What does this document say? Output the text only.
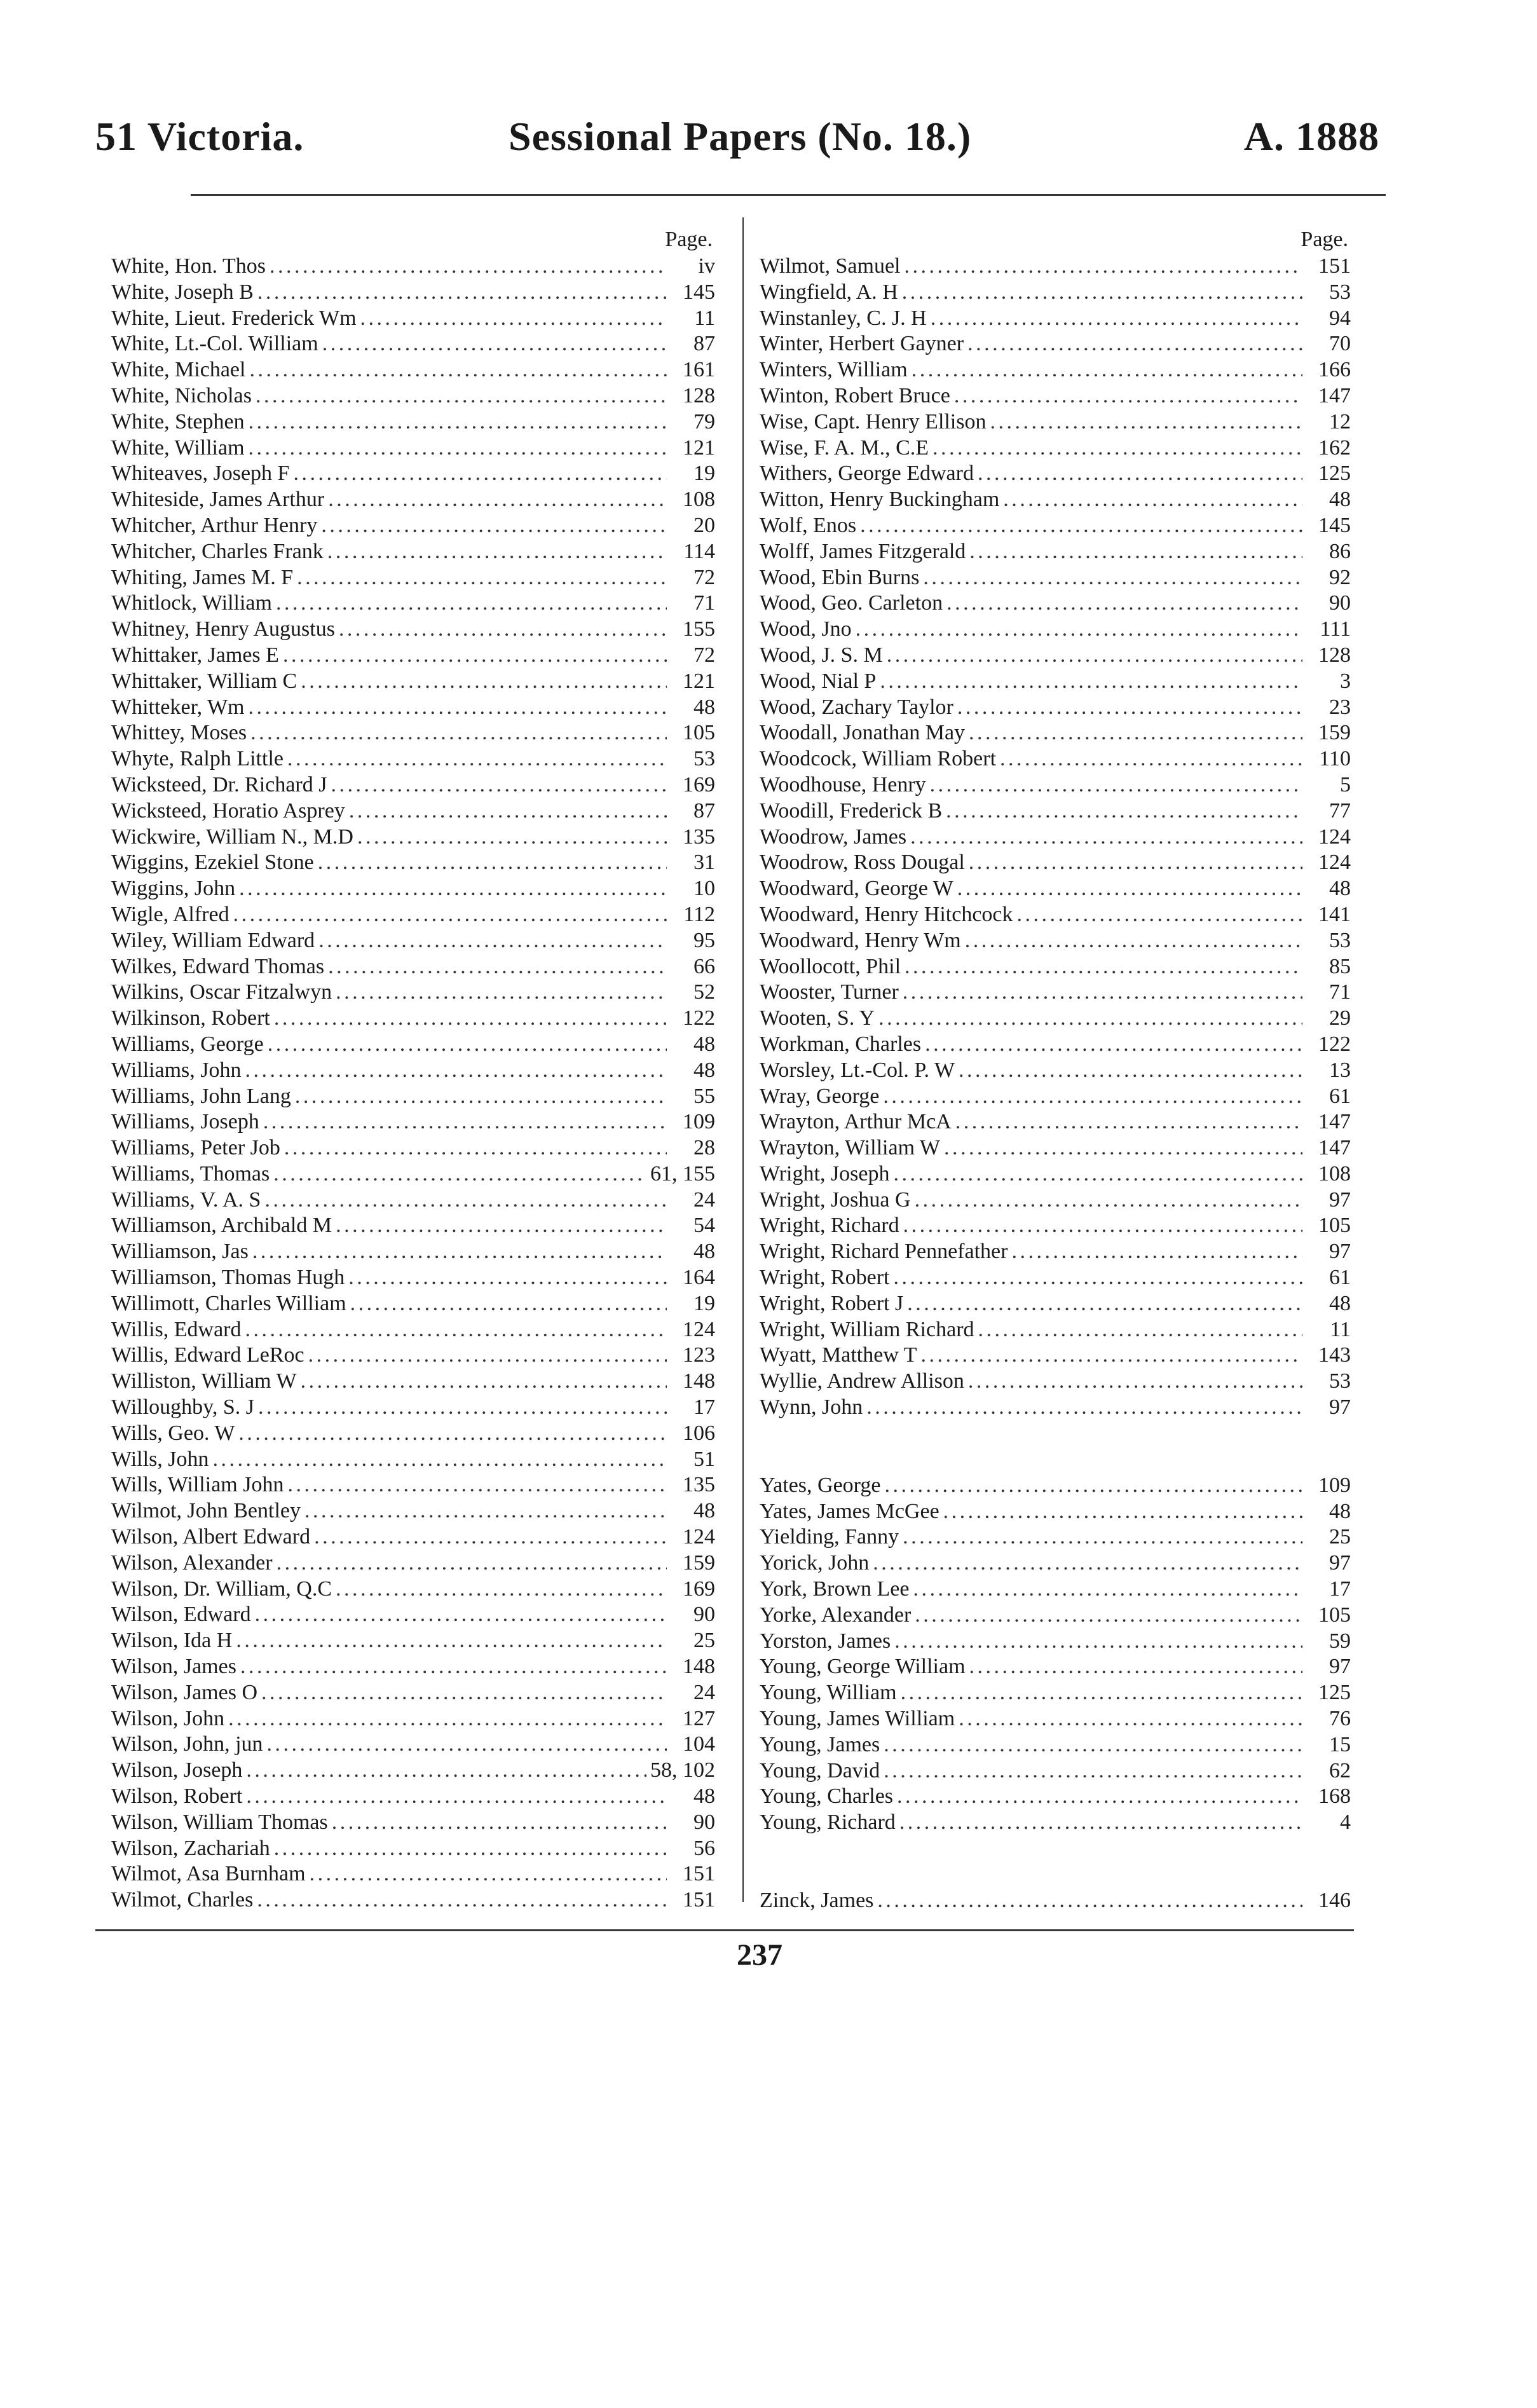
51 Victoria.	Sessional Papers (No. 18.)	A. 1888
Page.
White, Hon. Thos . . .	iv
White, Joseph B . . .	145
White, Lieut. Frederick Wm . . .	11
White, Lt.-Col. William . . .	87
White, Michael . . .	161
White, Nicholas . . .	128
White, Stephen . . .	79
White, William . . .	121
Whiteaves, Joseph F . . .	19
Whiteside, James Arthur . . .	108
Whitcher, Arthur Henry . . .	20
Whitcher, Charles Frank . . .	114
Whiting, James M. F . . .	72
Whitlock, William . . .	71
Whitney, Henry Augustus . . .	155
Whittaker, James E . . .	72
Whittaker, William C . . .	121
Whitteker, Wm . . .	48
Whittey, Moses . . .	105
Whyte, Ralph Little . . .	53
Wicksteed, Dr. Richard J . . .	169
Wicksteed, Horatio Asprey . . .	87
Wickwire, William N., M.D . . .	135
Wiggins, Ezekiel Stone . . .	31
Wiggins, John . . .	10
Wigle, Alfred . . .	112
Wiley, William Edward . . .	95
Wilkes, Edward Thomas . . .	66
Wilkins, Oscar Fitzalwyn . . .	52
Wilkinson, Robert . . .	122
Williams, George . . .	48
Williams, John . . .	48
Williams, John Lang . . .	55
Williams, Joseph . . .	109
Williams, Peter Job . . .	28
Williams, Thomas . . .	61, 155
Williams, V. A. S . . .	24
Williamson, Archibald M . . .	54
Williamson, Jas . . .	48
Williamson, Thomas Hugh . . .	164
Willimott, Charles William . . .	19
Willis, Edward . . .	124
Willis, Edward LeRoc . . .	123
Williston, William W . . .	148
Willoughby, S. J . . .	17
Wills, Geo. W . . .	106
Wills, John . . .	51
Wills, William John . . .	135
Wilmot, John Bentley . . .	48
Wilson, Albert Edward . . .	124
Wilson, Alexander . . .	159
Wilson, Dr. William, Q.C . . .	169
Wilson, Edward . . .	90
Wilson, Ida H . . .	25
Wilson, James . . .	148
Wilson, James O . . .	24
Wilson, John . . .	127
Wilson, John, jun . . .	104
Wilson, Joseph . . .	58, 102
Wilson, Robert . . .	48
Wilson, William Thomas . . .	90
Wilson, Zachariah . . .	56
Wilmot, Asa Burnham . . .	151
Wilmot, Charles . . .	151
Page.
Wilmot, Samuel . . .	151
Wingfield, A. H . . .	53
Winstanley, C. J. H . . .	94
Winter, Herbert Gayner . . .	70
Winters, William . . .	166
Winton, Robert Bruce . . .	147
Wise, Capt. Henry Ellison . . .	12
Wise, F. A. M., C.E . . .	162
Withers, George Edward . . .	125
Witton, Henry Buckingham . . .	48
Wolf, Enos . . .	145
Wolff, James Fitzgerald . . .	86
Wood, Ebin Burns . . .	92
Wood, Geo. Carleton . . .	90
Wood, Jno . . .	111
Wood, J. S. M . . .	128
Wood, Nial P . . .	3
Wood, Zachary Taylor . . .	23
Woodall, Jonathan May . . .	159
Woodcock, William Robert . . .	110
Woodhouse, Henry . . .	5
Woodill, Frederick B . . .	77
Woodrow, James . . .	124
Woodrow, Ross Dougal . . .	124
Woodward, George W . . .	48
Woodward, Henry Hitchcock . . .	141
Woodward, Henry Wm . . .	53
Woollocott, Phil . . .	85
Wooster, Turner . . .	71
Wooten, S. Y . . .	29
Workman, Charles . . .	122
Worsley, Lt.-Col. P. W . . .	13
Wray, George . . .	61
Wrayton, Arthur McA . . .	147
Wrayton, William W . . .	147
Wright, Joseph . . .	108
Wright, Joshua G . . .	97
Wright, Richard . . .	105
Wright, Richard Pennefather . . .	97
Wright, Robert . . .	61
Wright, Robert J . . .	48
Wright, William Richard . . .	11
Wyatt, Matthew T . . .	143
Wyllie, Andrew Allison . . .	53
Wynn, John . . .	97
Yates, George . . .	109
Yates, James McGee . . .	48
Yielding, Fanny . . .	25
Yorick, John . . .	97
York, Brown Lee . . .	17
Yorke, Alexander . . .	105
Yorston, James . . .	59
Young, George William . . .	97
Young, William . . .	125
Young, James William . . .	76
Young, James . . .	15
Young, David . . .	62
Young, Charles . . .	168
Young, Richard . . .	4
Zinck, James . . .	146
237
